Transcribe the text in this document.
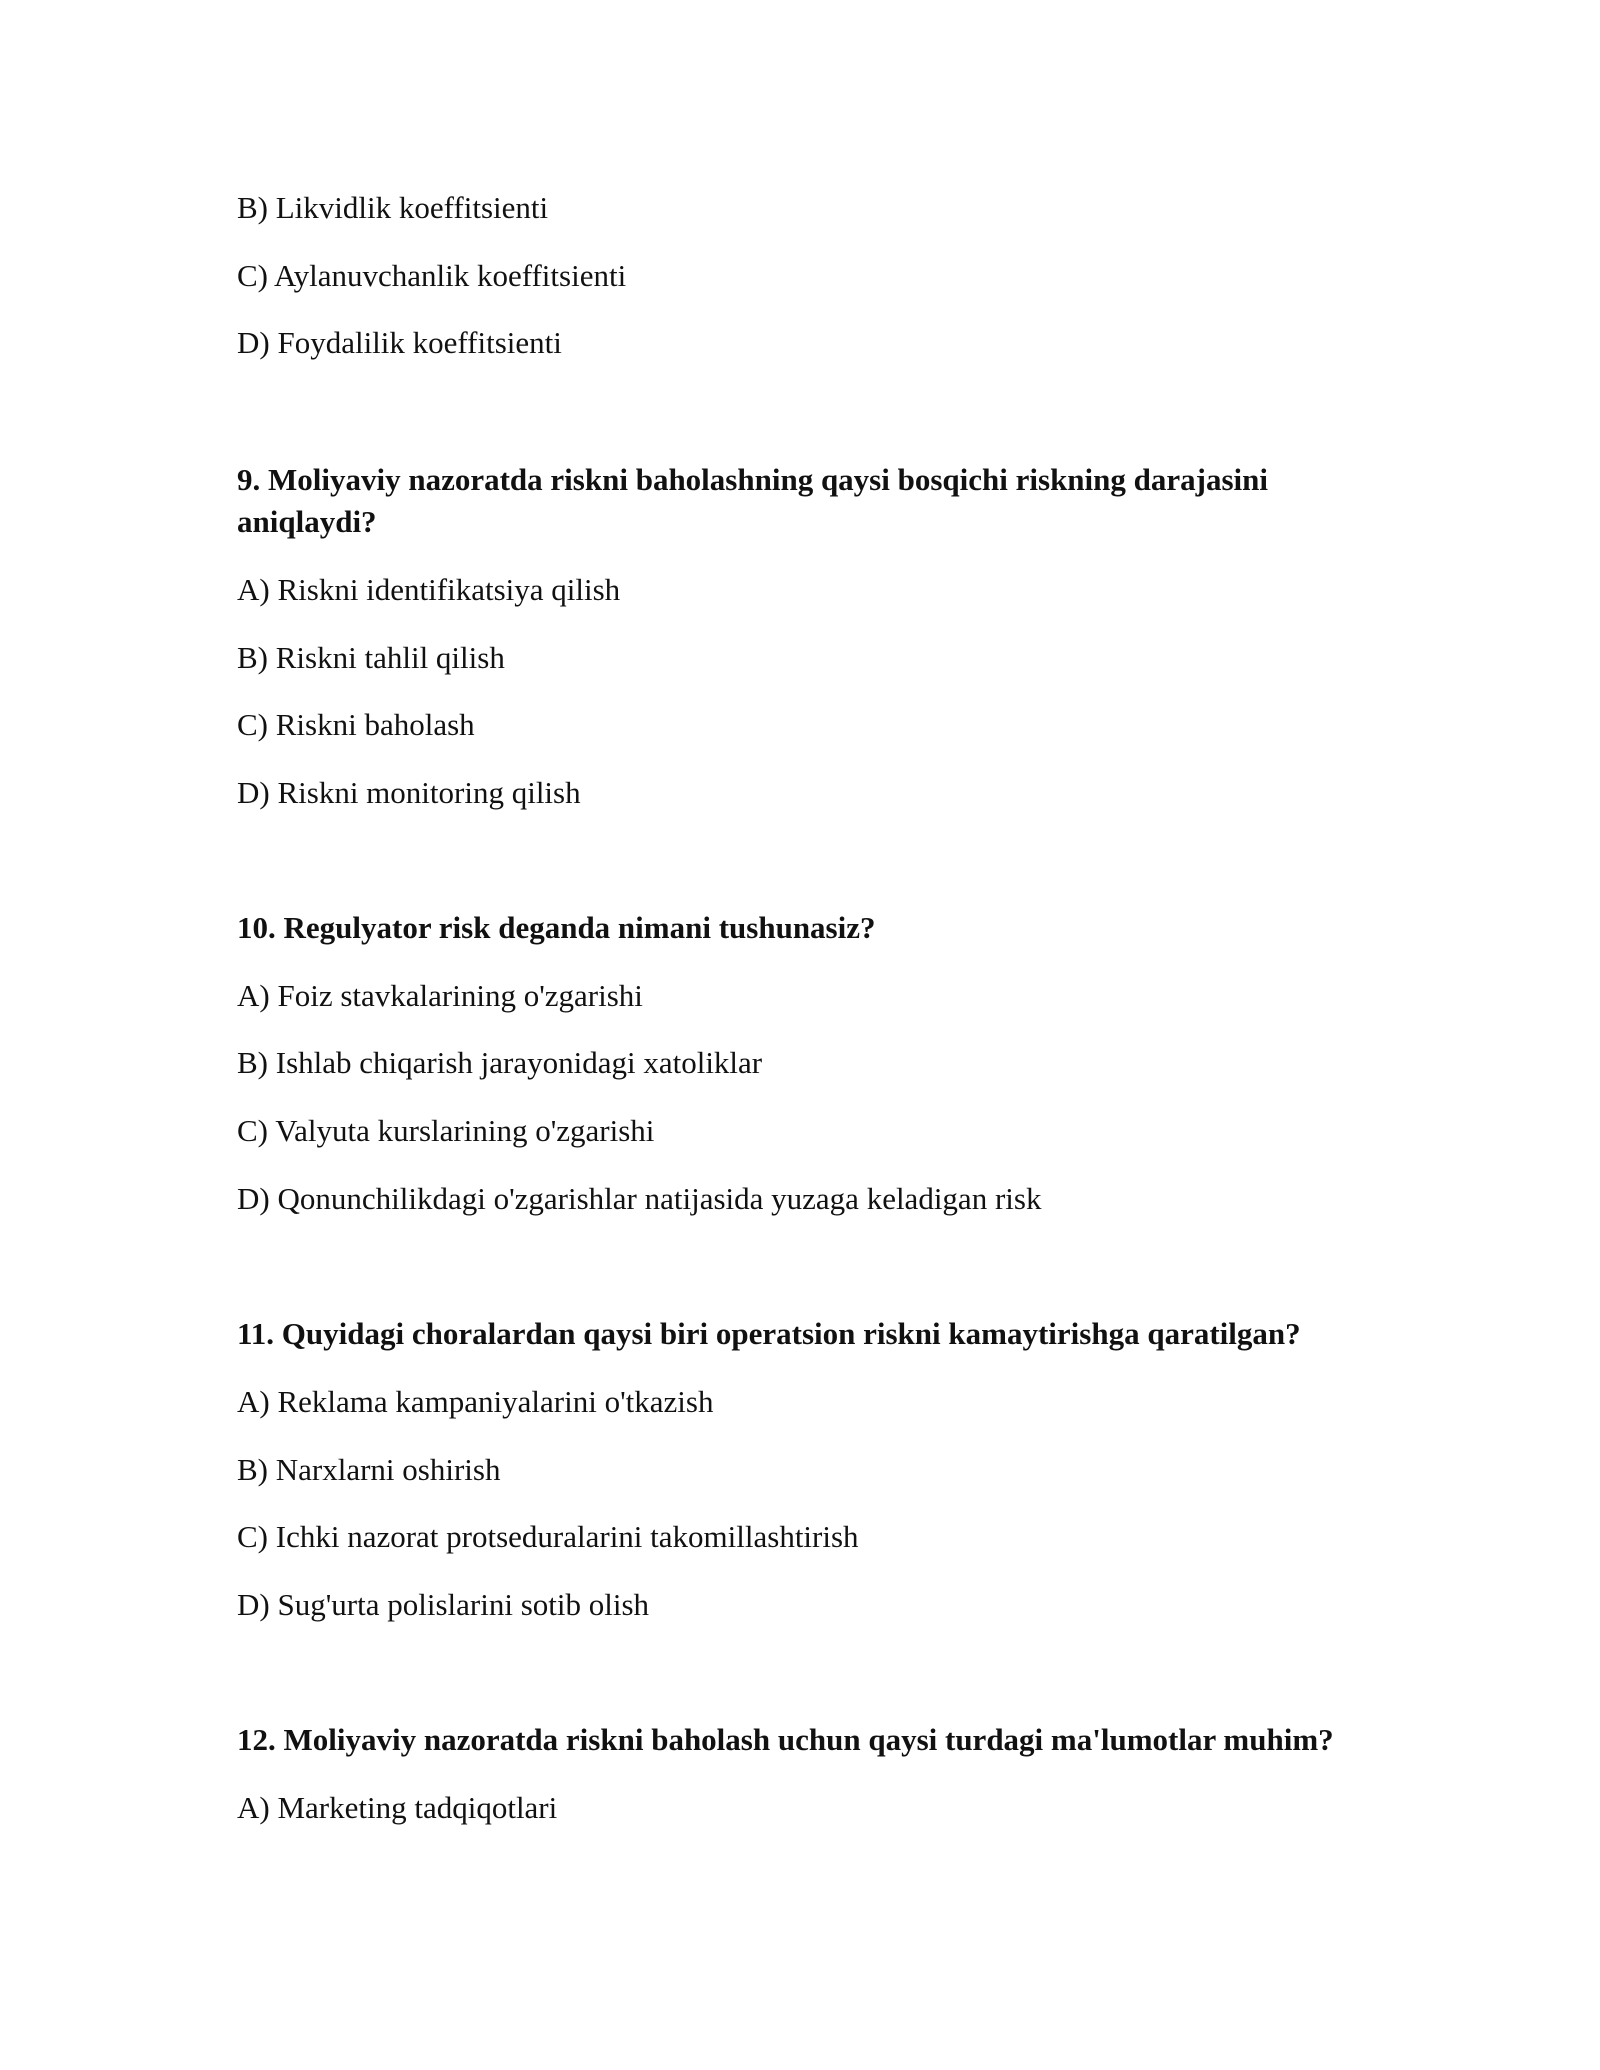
B) Likvidlik koeffitsienti

C) Aylanuvchanlik koeffitsienti

D) Foydalilik koeffitsienti

9. Moliyaviy nazoratda riskni baholashning qaysi bosqichi riskning darajasini

aniqlaydi?

A) Riskni identifikatsiya qilish

B) Riskni tahlil qilish

C) Riskni baholash

D) Riskni monitoring qilish

10. Regulyator risk deganda nimani tushunasiz?

A) Foiz stavkalarining o'zgarishi

B) Ishlab chiqarish jarayonidagi xatoliklar

C) Valyuta kurslarining o'zgarishi

D) Qonunchilikdagi o'zgarishlar natijasida yuzaga keladigan risk

11. Quyidagi choralardan qaysi biri operatsion riskni kamaytirishga qaratilgan?

A) Reklama kampaniyalarini o'tkazish

B) Narxlarni oshirish

C) Ichki nazorat protseduralarini takomillashtirish

D) Sug'urta polislarini sotib olish

12. Moliyaviy nazoratda riskni baholash uchun qaysi turdagi ma'lumotlar muhim?

A) Marketing tadqiqotlari
